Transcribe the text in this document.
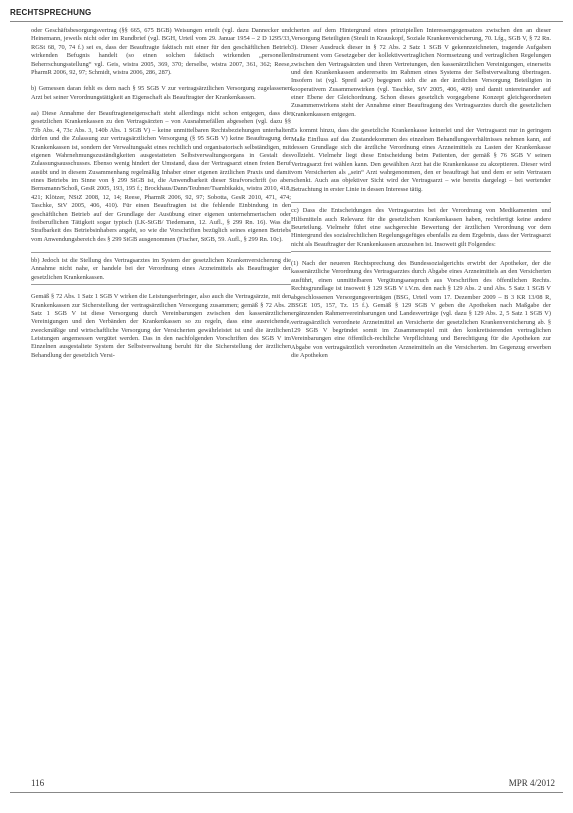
RECHTSPRECHUNG

oder Geschäftsbesorgungsvertrag (§§ 665, 675 BGB) Weisungen erteilt (vgl. dazu Dannecker und Heinemann, jeweils nicht oder im Rundbrief (vgl. BGH, Urteil vom 29. Januar 1954 – 2 D 1295/33, RGSt 68, 70, 74 f.) sei es, dass der Beauftragte faktisch mit einer für den geschäftlichen Betrieb wirkenden Befugnis handelt (so einen solchen faktisch wirkenden „personellen Beherrschungsstellung“ vgl. Geis, wistra 2005, 369, 370; derselbe, wistra 2007, 361, 362; Reese, PharmR 2006, 92, 97; Schmidt, wistra 2006, 286, 287).

b) Gemessen daran fehlt es dem nach § 95 SGB V zur vertragsärztlichen Versorgung zugelassenen Arzt bei seiner Verordnungstätigkeit an Eigenschaft als Beauftragter der Krankenkassen.

aa) Diese Annahme der Beauftragteneigenschaft steht allerdings nicht schon entgegen, dass die gesetzlichen Krankenkassen zu den Vertragsärzten – von Ausnahmefällen abgesehen (vgl. dazu §§ 73b Abs. 4, 73c Abs. 3, 140b Abs. 1 SGB V) – keine unmittelbaren Rechtsbeziehungen unterhalten dürfen und die Zulassung zur vertragsärztlichen Versorgung (§ 95 SGB V) keine Beauftragung der Krankenkassen ist, sondern der Verwaltungsakt eines rechtlich und organisatorisch selbständigen, mit eigenen Wahrnehmungszuständigkeiten ausgestatteten Selbstverwaltungsorgans in Gestalt des Zulassungsausschusses. Ebenso wenig hindert der Umstand, dass der Vertragsarzt einen freien Beruf ausübt und in diesem Zusammenhang regelmäßig Inhaber einer eigenen ärztlichen Praxis und damit eines Betriebs im Sinne von § 299 StGB ist, die Anwendbarkeit dieser Strafvorschrift (so aber Bernsmann/Schoß, GesR 2005, 193, 195 f.; Brockhaus/Dann/Teubner/Tsambikakis, wistra 2010, 418, 421; Klötzer, NStZ 2008, 12, 14; Reese, PharmR 2006, 92, 97; Sobotta, GesR 2010, 471, 474; Taschke, StV 2005, 406, 410). Für einen Beauftragten ist die fehlende Einbindung in den geschäftlichen Betrieb auf der Grundlage der Ausübung einer eigenen unternehmerischen oder freiberuflichen Tätigkeit sogar typisch (LK-StGB/ Tiedemann, 12. Aufl., § 299 Rn. 16). Was die Strafbarkeit des Betriebsinhabers angeht, so wie die Vorschriften bezüglich seines eigenen Betriebs vom Anwendungsbereich des § 299 StGB ausgenommen (Fischer, StGB, 59. Aufl., § 299 Rn. 10c).

bb) Jedoch ist die Stellung des Vertragsarztes im System der gesetzlichen Krankenversicherung die Annahme nicht nahe, er handele bei der Verordnung eines Arzneimittels als Beauftragter der gesetzlichen Krankenkassen.

Gemäß § 72 Abs. 1 Satz 1 SGB V wirken die Leistungserbringer, also auch die Vertragsärzte, mit den Krankenkassen zur Sicherstellung der vertragsärztlichen Versorgung zusammen; gemäß § 72 Abs. 2 Satz 1 SGB V ist diese Versorgung durch Vereinbarungen zwischen den kassenärztlichen Vereinigungen und den Verbänden der Krankenkassen so zu regeln, dass eine ausreichende, zweckmäßige und wirtschaftliche Versorgung der Versicherten gewährleistet ist und die ärztlichen Leistungen angemessen vergütet werden. Das in den nachfolgenden Vorschriften des SGB V im Einzelnen ausgestaltete System der Selbstverwaltung beruht für die Sicherstellung der ärztlichen Behandlung der gesetzlich Versi-

cherten auf dem Hintergrund eines prinzipiellen Interessengegensatzes zwischen den an dieser Versorgung Beteiligten (Steuli in Krauskopf, Soziale Krankenversicherung, 70. Lfg., SGB V, § 72 Rn. 3). Dieser Ausdruck dieser in § 72 Abs. 2 Satz 1 SGB V gekennzeichneten, tragende Aufgaben Instrument vom Gesetzgeber der kollektivvertraglichen Normsetzung und vertraglichen Regelungen zwischen den Vertragsärzten und ihren Vertretungen, den kassenärztlichen Vereinigungen, einerseits und den Krankenkassen andererseits im Rahmen eines Systems der Selbstverwaltung übertragen. Insofern ist (vgl. Spreil aaO) begegnen sich die an der ärztlichen Versorgung Beteiligten in kooperativem Zusammenwirken (vgl. Taschke, StV 2005, 406, 409) und damit untereinander auf einer Ebene der Gleichordnung. Schon dieses gesetzlich vorgegebene Konzept gleichgeordneten Zusammenwirkens steht der Annahme einer Beauftragung des Vertragsarztes durch die gesetzlichen Krankenkassen entgegen.

Es kommt hinzu, dass die gesetzliche Krankenkasse keinerlei und der Vertragsarzt nur in geringem Maße Einfluss auf das Zustandekommen des einzelnen Behandlungsverhältnisses nehmen kann, auf dessen Grundlage sich die ärztliche Verordnung eines Arzneimittels zu Lasten der Krankenkasse vollzieht. Vielmehr liegt diese Entscheidung beim Patienten, der gemäß § 76 SGB V seinen Vertragsarzt frei wählen kann. Den gewählten Arzt hat die Krankenkasse zu akzeptieren. Dieser wird vom Versicherten als „sein“ Arzt wahrgenommen, den er beauftragt hat und dem er sein Vertrauen schenkt. Auch aus objektiver Sicht wird der Vertragsarzt – wie bereits dargelegt – bei wertender Betrachtung in erster Linie in dessen Interesse tätig.

cc) Dass die Entscheidungen des Vertragsarztes bei der Verordnung von Medikamenten und Hilfsmitteln auch Relevanz für die gesetzlichen Krankenkassen haben, rechtfertigt keine andere Beurteilung. Vielmehr führt eine sachgerechte Bewertung der ärztlichen Verordnung vor dem Hintergrund des sozialrechtlichen Regelungsgefüges ebenfalls zu dem Ergebnis, dass der Vertragsarzt nicht als Beauftragter der Krankenkassen anzusehen ist. Insoweit gilt Folgendes:

(1) Nach der neueren Rechtsprechung des Bundessozialgerichts erwirbt der Apotheker, der die kassenärztliche Verordnung des Vertragsarztes durch Abgabe eines Arzneimittels an den Versicherten ausführt, einen unmittelbaren Vergütungsanspruch aus Vorschriften des öffentlichen Rechts. Rechtsgrundlage ist insoweit § 129 SGB V i.V.m. den nach § 129 Abs. 2 und Abs. 5 Satz 1 SGB V abgeschlossenen Versorgungsverträgen (BSG, Urteil vom 17. Dezember 2009 – B 3 KR 13/08 R, BSGE 105, 157, Tz. 15 f.). Gemäß § 129 SGB V geben die Apotheken nach Maßgabe der ergänzenden Rahmenvereinbarungen und Landesverträge (vgl. dazu § 129 Abs. 2, 5 Satz 1 SGB V) vertragsärztlich verordnete Arzneimittel an Versicherte der gesetzlichen Krankenversicherung ab. § 129 SGB V begründet somit im Zusammenspiel mit den konkretisierenden vertraglichen Vereinbarungen eine öffentlich-rechtliche Verpflichtung und Berechtigung für die Apotheken zur Abgabe von vertragsärztlich verordneten Arzneimitteln an die Versicherten. Im Gegenzug erwerben die Apotheken

116	MPR 4/2012
